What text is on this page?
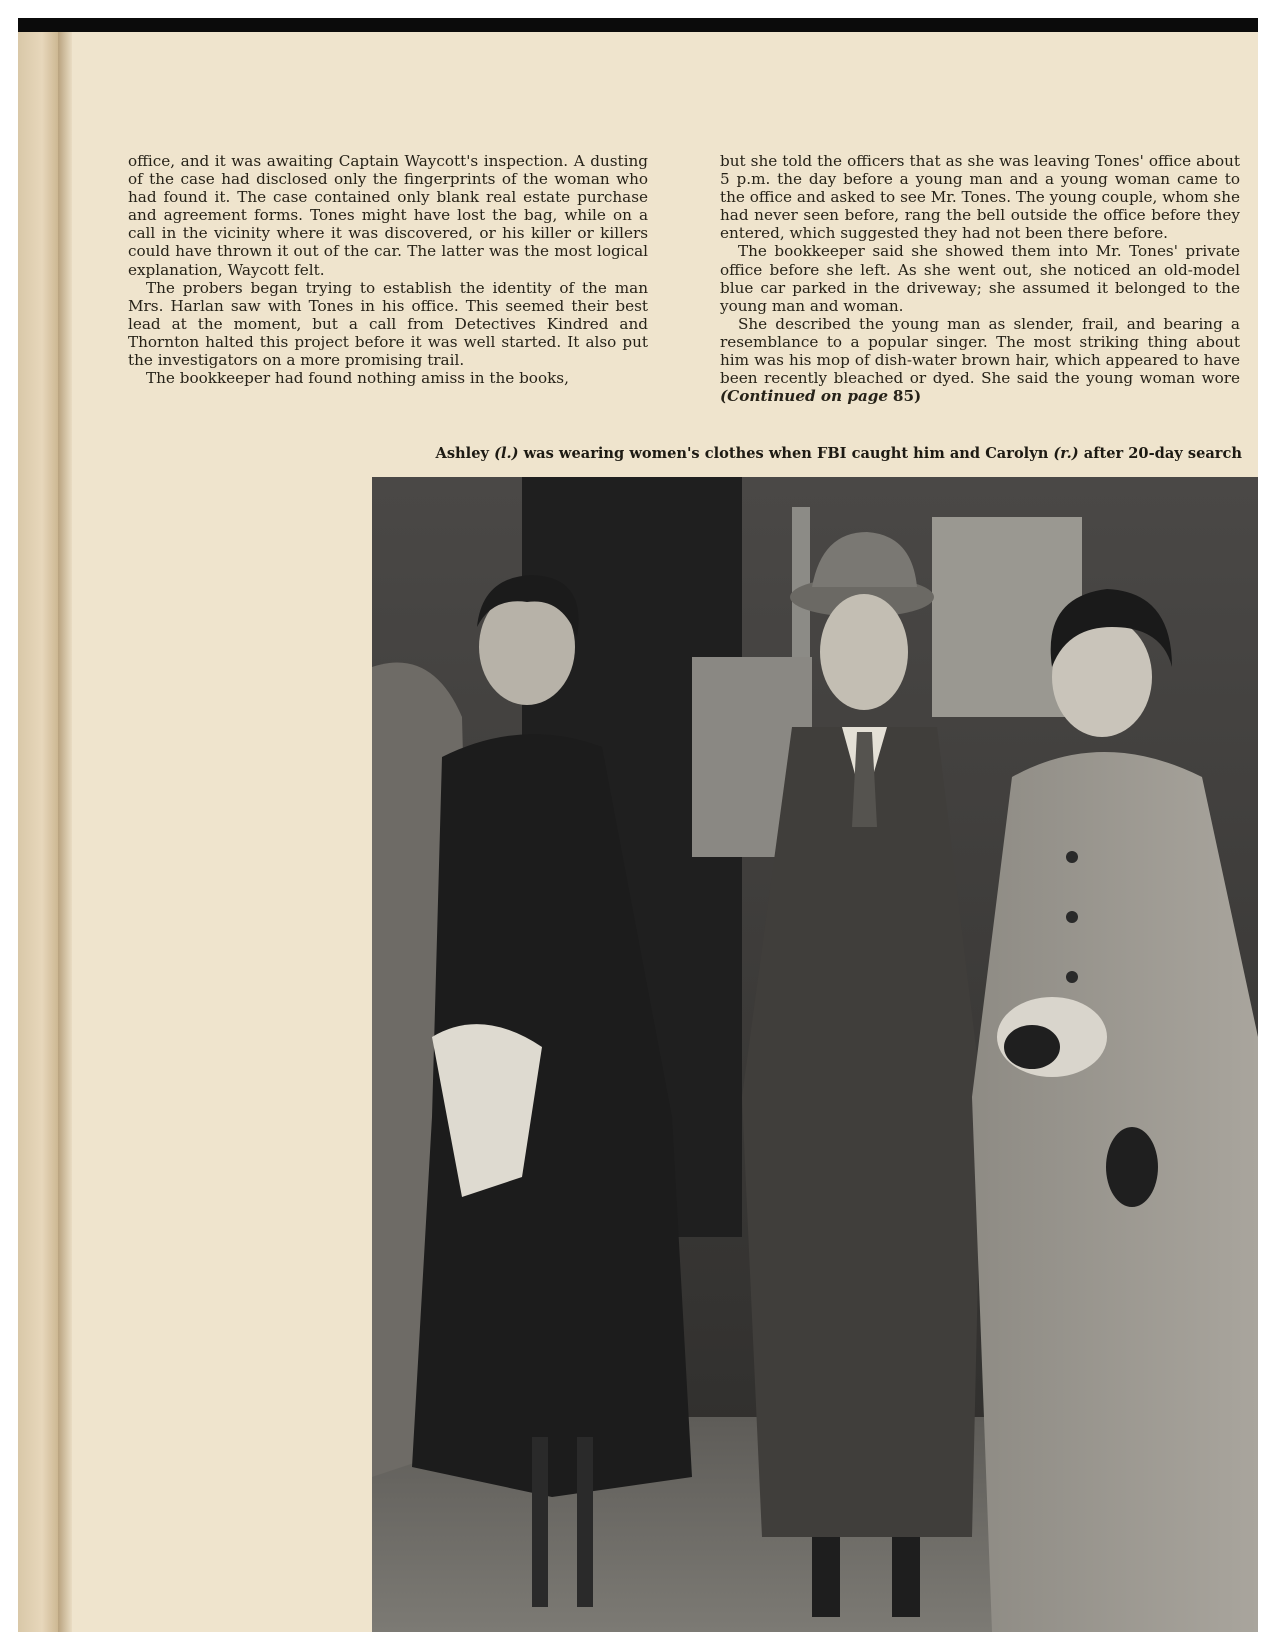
office, and it was awaiting Captain Waycott's inspection. A dusting of the case had disclosed only the fingerprints of the woman who had found it. The case contained only blank real estate purchase and agreement forms. Tones might have lost the bag, while on a call in the vicinity where it was discovered, or his killer or killers could have thrown it out of the car. The latter was the most logical explanation, Waycott felt.

The probers began trying to establish the identity of the man Mrs. Harlan saw with Tones in his office. This seemed their best lead at the moment, but a call from Detectives Kindred and Thornton halted this project before it was well started. It also put the investigators on a more promising trail.

The bookkeeper had found nothing amiss in the books,

but she told the officers that as she was leaving Tones' office about 5 p.m. the day before a young man and a young woman came to the office and asked to see Mr. Tones. The young couple, whom she had never seen before, rang the bell outside the office before they entered, which suggested they had not been there before.

The bookkeeper said she showed them into Mr. Tones' private office before she left. As she went out, she noticed an old-model blue car parked in the driveway; she assumed it belonged to the young man and woman.

She described the young man as slender, frail, and bearing a resemblance to a popular singer. The most striking thing about him was his mop of dish-water brown hair, which appeared to have been recently bleached or dyed. She said the young woman wore (Continued on page 85)

Ashley (l.) was wearing women's clothes when FBI caught him and Carolyn (r.) after 20-day search
